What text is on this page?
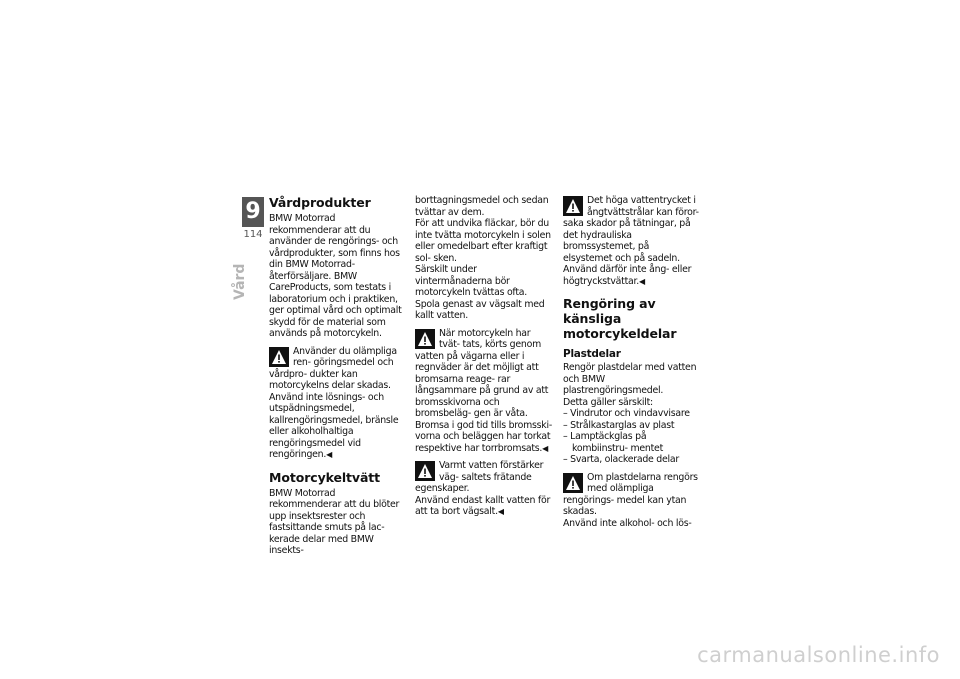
9
114
Vård
Vårdprodukter

BMW Motorrad rekommenderar att du använder de rengörings- och vårdprodukter, som finns hos din BMW Motorrad-återförsäljare. BMW CareProducts, som testats i laboratorium och i praktiken, ger optimal vård och optimalt skydd för de material som används på motorcykeln.

Använder du olämpliga ren- göringsmedel och vårdpro- dukter kan motorcykelns delar skadas.

Använd inte lösnings- och utspädningsmedel, kallrengöringsmedel, bränsle eller alkoholhaltiga rengöringsmedel vid rengöringen.◀

Motorcykeltvätt

BMW Motorrad rekommenderar att du blöter upp insektsrester och fastsittande smuts på lac- kerade delar med BMW insekts-

borttagningsmedel och sedan tvättar av dem.

För att undvika fläckar, bör du inte tvätta motorcykeln i solen eller omedelbart efter kraftigt sol- sken.

Särskilt under vintermånaderna bör motorcykeln tvättas ofta.

Spola genast av vägsalt med kallt vatten.

När motorcykeln har tvät- tats, körts genom vatten på vägarna eller i regnväder är det möjligt att bromsarna reage- rar långsammare på grund av att bromsskivorna och bromsbeläg- gen är våta.

Bromsa i god tid tills bromsski- vorna och beläggen har torkat respektive har torrbromsats.◀

Varmt vatten förstärker väg- saltets frätande egenskaper.

Använd endast kallt vatten för att ta bort vägsalt.◀

Det höga vattentrycket i ångtvättstrålar kan föror- saka skador på tätningar, på det hydrauliska bromssystemet, på elsystemet och på sadeln.

Använd därför inte ång- eller högtryckstvättar.◀

Rengöring av känsliga motorcykeldelar
Plastdelar

Rengör plastdelar med vatten och BMW plastrengöringsmedel.

Detta gäller särskilt:

– Vindrutor och vindavvisare
– Strålkastarglas av plast
– Lamptäckglas på kombiinstru- mentet
– Svarta, olackerade delar

Om plastdelarna rengörs med olämpliga rengörings- medel kan ytan skadas.

Använd inte alkohol- och lös-

carmanualsonline.info
